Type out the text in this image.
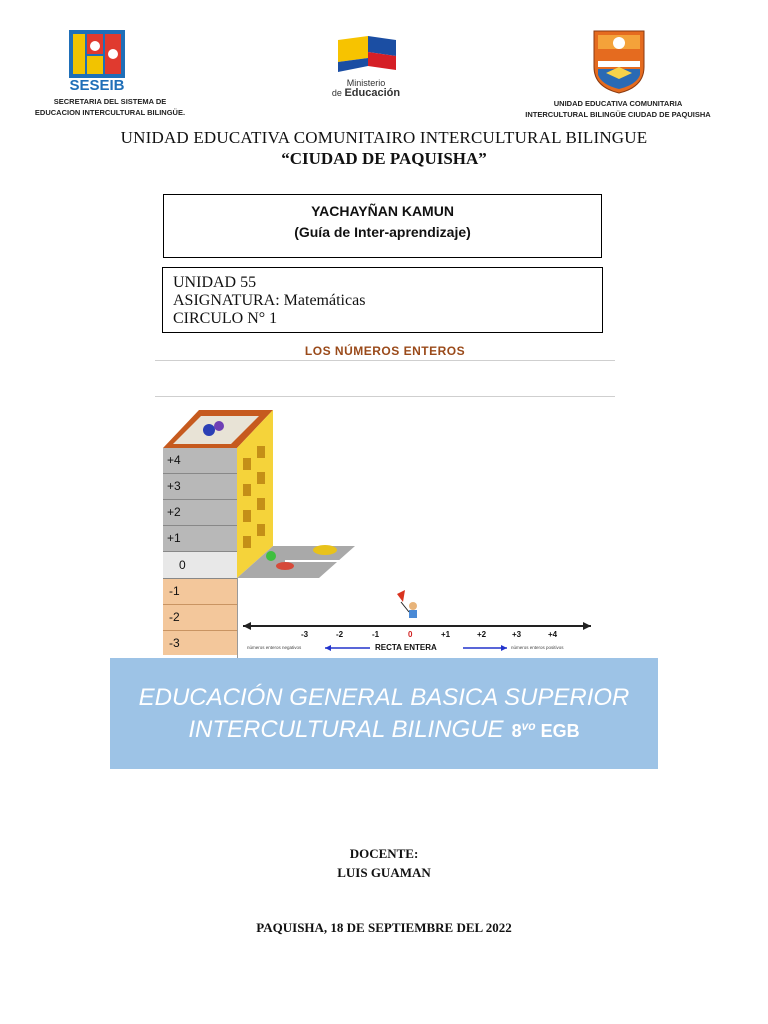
SESEIB
SECRETARIA DEL SISTEMA DE
EDUCACION INTERCULTURAL BILINGÜE.
Ministerio
de Educación
UNIDAD EDUCATIVA COMUNITARIA
INTERCULTURAL BILINGÜE CIUDAD DE PAQUISHA
UNIDAD EDUCATIVA COMUNITAIRO INTERCULTURAL BILINGUE
“CIUDAD DE PAQUISHA”
YACHAYÑAN KAMUN
(Guía de Inter-aprendizaje)
UNIDAD 55
ASIGNATURA: Matemáticas
CIRCULO N° 1
LOS NÚMEROS ENTEROS
+4
+3
+2
+1
0
-1
-2
-3
-3	-2	-1	0	+1	+2	+3	+4
números enteros negativos	RECTA ENTERA	números enteros positivos
EDUCACIÓN GENERAL BASICA SUPERIOR
INTERCULTURAL BILINGUE $8^{vo}$ EGB
DOCENTE:
LUIS GUAMAN
PAQUISHA, 18 DE SEPTIEMBRE DEL 2022
